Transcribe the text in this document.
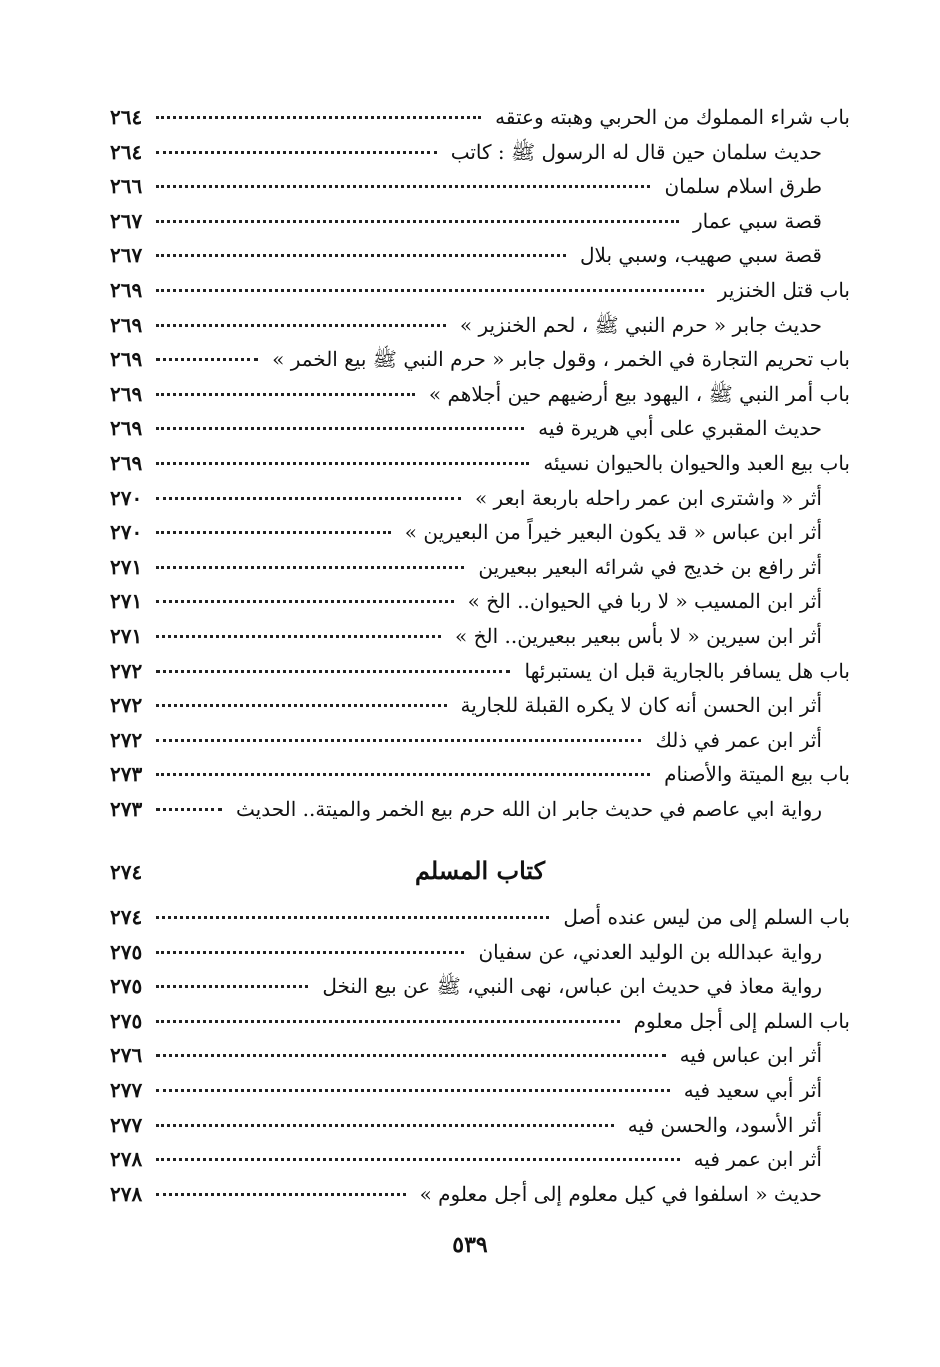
باب شراء المملوك من الحربي وهبته وعتقه
٢٦٤
حديث سلمان حين قال له الرسول ﷺ : كاتب
٢٦٤
طرق اسلام سلمان
٢٦٦
قصة سبي عمار
٢٦٧
قصة سبي صهيب، وسبي بلال
٢٦٧
باب قتل الخنزير
٢٦٩
حديث جابر « حرم النبي ﷺ ، لحم الخنزير »
٢٦٩
باب تحريم التجارة في الخمر ، وقول جابر « حرم النبي ﷺ بيع الخمر »
٢٦٩
باب أمر النبي ﷺ ، اليهود بيع أرضيهم حين أجلاهم »
٢٦٩
حديث المقبري على أبي هريرة فيه
٢٦٩
باب بيع العبد والحيوان بالحيوان نسيئه
٢٦٩
أثر « واشترى ابن عمر راحله باربعة ابعر »
٢٧٠
أثر ابن عباس « قد يكون البعير خيراً من البعيرين »
٢٧٠
أثر رافع بن خديج في شرائه البعير ببعيرين
٢٧١
أثر ابن المسيب « لا ربا في الحيوان.. الخ »
٢٧١
أثر ابن سيرين « لا بأس ببعير ببعيرين.. الخ »
٢٧١
باب هل يسافر بالجارية قبل ان يستبرئها
٢٧٢
أثر ابن الحسن أنه كان لا يكره القبلة للجارية
٢٧٢
أثر ابن عمر في ذلك
٢٧٢
باب بيع الميتة والأصنام
٢٧٣
رواية ابي عاصم في حديث جابر ان الله حرم بيع الخمر والميتة.. الحديث
٢٧٣
كتاب المسلم
٢٧٤
باب السلم إلى من ليس عنده أصل
٢٧٤
رواية عبدالله بن الوليد العدني، عن سفيان
٢٧٥
رواية معاذ في حديث ابن عباس، نهى النبي، ﷺ عن بيع النخل
٢٧٥
باب السلم إلى أجل معلوم
٢٧٥
أثر ابن عباس فيه
٢٧٦
أثر أبي سعيد فيه
٢٧٧
أثر الأسود، والحسن فيه
٢٧٧
أثر ابن عمر فيه
٢٧٨
حديث « اسلفوا في كيل معلوم إلى أجل معلوم »
٢٧٨
٥٣٩
